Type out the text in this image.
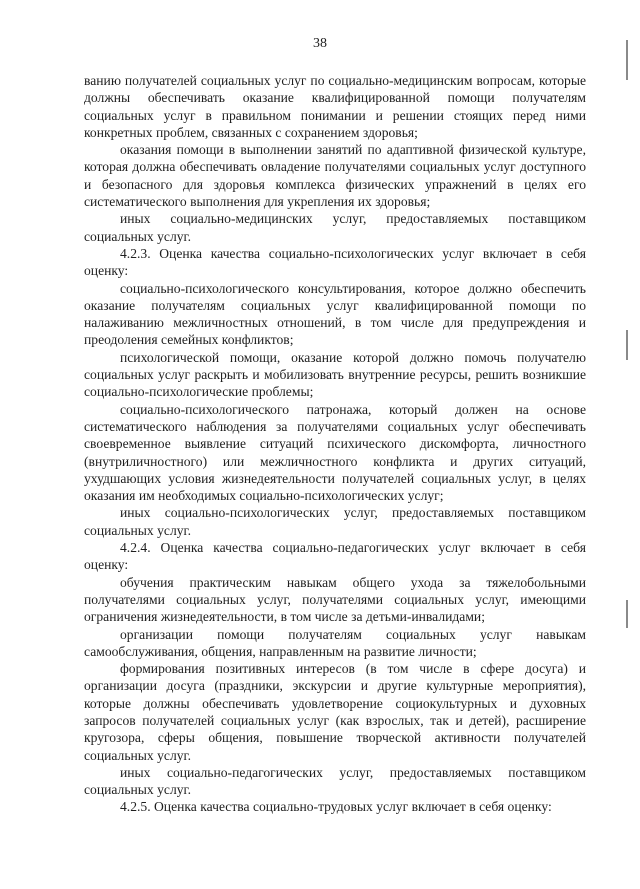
38

ванию получателей социальных услуг по социально-медицинским вопросам, которые должны обеспечивать оказание квалифицированной помощи получателям социальных услуг в правильном понимании и решении стоящих перед ними конкретных проблем, связанных с сохранением здоровья;

оказания помощи в выполнении занятий по адаптивной физической культуре, которая должна обеспечивать овладение получателями социальных услуг доступного и безопасного для здоровья комплекса физических упражнений в целях его систематического выполнения для укрепления их здоровья;

иных социально-медицинских услуг, предоставляемых поставщиком социальных услуг.

4.2.3. Оценка качества социально-психологических услуг включает в себя оценку:

социально-психологического консультирования, которое должно обеспечить оказание получателям социальных услуг квалифицированной помощи по налаживанию межличностных отношений, в том числе для предупреждения и преодоления семейных конфликтов;

психологической помощи, оказание которой должно помочь получателю социальных услуг раскрыть и мобилизовать внутренние ресурсы, решить возникшие социально-психологические проблемы;

социально-психологического патронажа, который должен на основе систематического наблюдения за получателями социальных услуг обеспечивать своевременное выявление ситуаций психического дискомфорта, личностного (внутриличностного) или межличностного конфликта и других ситуаций, ухудшающих условия жизнедеятельности получателей социальных услуг, в целях оказания им необходимых социально-психологических услуг;

иных социально-психологических услуг, предоставляемых поставщиком социальных услуг.

4.2.4. Оценка качества социально-педагогических услуг включает в себя оценку:

обучения практическим навыкам общего ухода за тяжелобольными получателями социальных услуг, получателями социальных услуг, имеющими ограничения жизнедеятельности, в том числе за детьми-инвалидами;

организации помощи получателям социальных услуг навыкам самообслуживания, общения, направленным на развитие личности;

формирования позитивных интересов (в том числе в сфере досуга) и организации досуга (праздники, экскурсии и другие культурные мероприятия), которые должны обеспечивать удовлетворение социокультурных и духовных запросов получателей социальных услуг (как взрослых, так и детей), расширение кругозора, сферы общения, повышение творческой активности получателей социальных услуг.

иных социально-педагогических услуг, предоставляемых поставщиком социальных услуг.

4.2.5. Оценка качества социально-трудовых услуг включает в себя оценку:
